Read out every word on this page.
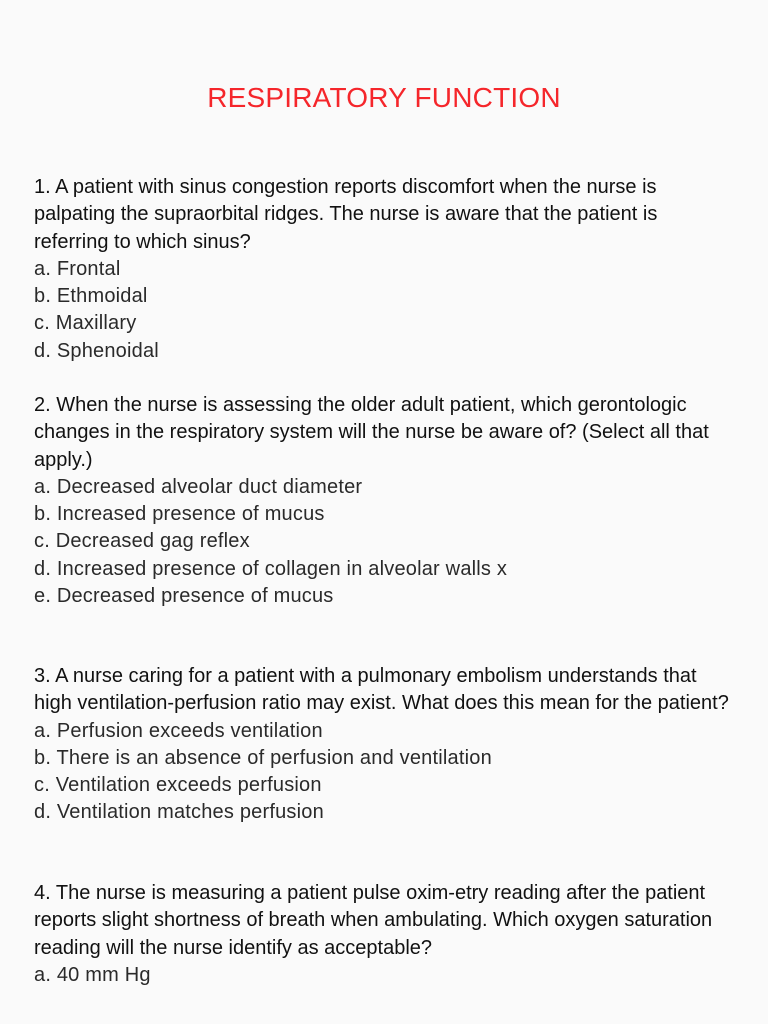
RESPIRATORY FUNCTION
1. A patient with sinus congestion reports discomfort when the nurse is palpating the supraorbital ridges. The nurse is aware that the patient is referring to which sinus?
a. Frontal
b. Ethmoidal
c. Maxillary
d. Sphenoidal
2. When the nurse is assessing the older adult patient, which gerontologic changes in the respiratory system will the nurse be aware of? (Select all that apply.)
a. Decreased alveolar duct diameter
b. Increased presence of mucus
c. Decreased gag reflex
d. Increased presence of collagen in alveolar walls x
e. Decreased presence of mucus
3. A nurse caring for a patient with a pulmonary embolism understands that high ventilation-perfusion ratio may exist. What does this mean for the patient?
a. Perfusion exceeds ventilation
b. There is an absence of perfusion and ventilation
c. Ventilation exceeds perfusion
d. Ventilation matches perfusion
4. The nurse is measuring a patient pulse oxim-etry reading after the patient reports slight shortness of breath when ambulating. Which oxygen saturation reading will the nurse identify as acceptable?
a. 40 mm Hg
